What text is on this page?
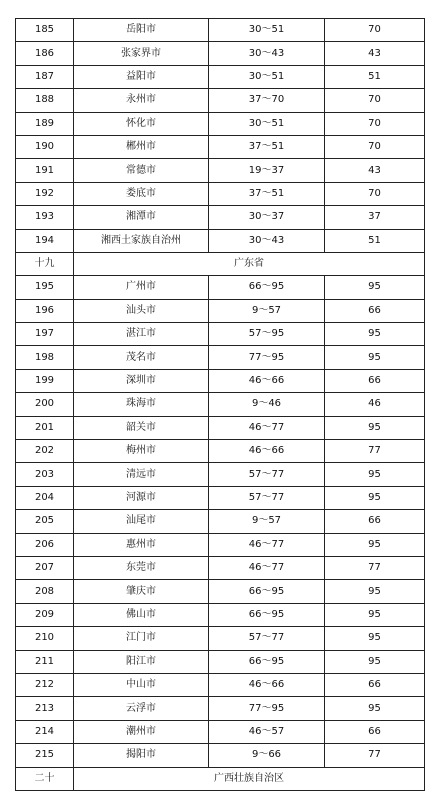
185	岳阳市	30～51	70
186	张家界市	30～43	43
187	益阳市	30～51	51
188	永州市	37～70	70
189	怀化市	30～51	70
190	郴州市	37～51	70
191	常德市	19～37	43
192	娄底市	37～51	70
193	湘潭市	30～37	37
194	湘西土家族自治州	30～43	51
十九	广东省		
195	广州市	66～95	95
196	汕头市	9～57	66
197	湛江市	57～95	95
198	茂名市	77～95	95
199	深圳市	46～66	66
200	珠海市	9～46	46
201	韶关市	46～77	95
202	梅州市	46～66	77
203	清远市	57～77	95
204	河源市	57～77	95
205	汕尾市	9～57	66
206	惠州市	46～77	95
207	东莞市	46～77	77
208	肇庆市	66～95	95
209	佛山市	66～95	95
210	江门市	57～77	95
211	阳江市	66～95	95
212	中山市	46～66	66
213	云浮市	77～95	95
214	潮州市	46～57	66
215	揭阳市	9～66	77
二十	广西壮族自治区		
